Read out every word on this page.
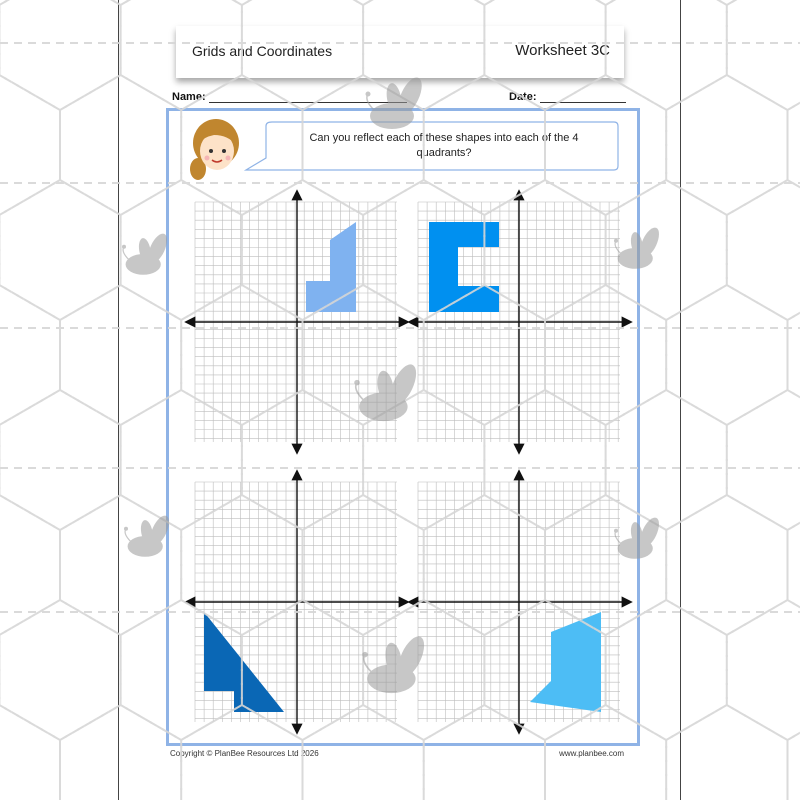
Grids and Coordinates	Worksheet 3C
Name:	Date:
Can you reflect each of these shapes into each of the 4 quadrants?
Copyright © PlanBee Resources Ltd 2026	www.planbee.com
